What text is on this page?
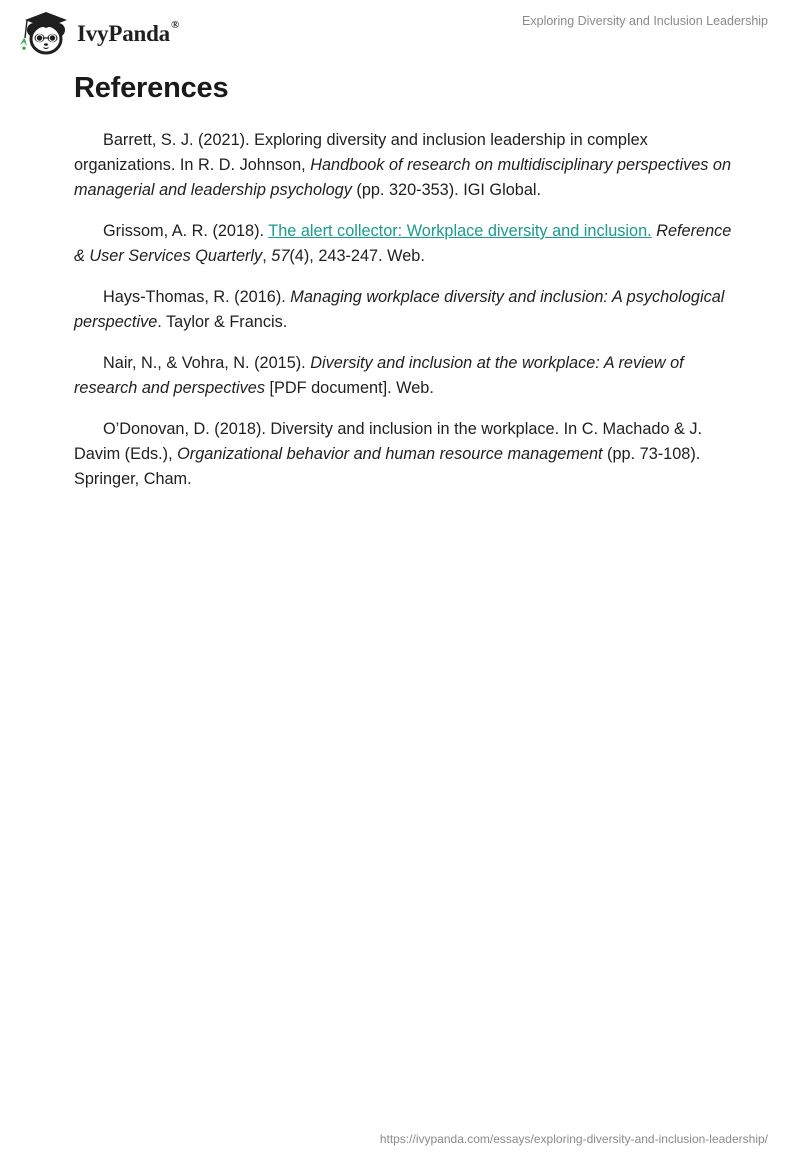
IvyPanda®	Exploring Diversity and Inclusion Leadership
References

Barrett, S. J. (2021). Exploring diversity and inclusion leadership in complex organizations. In R. D. Johnson, Handbook of research on multidisciplinary perspectives on managerial and leadership psychology (pp. 320-353). IGI Global.

Grissom, A. R. (2018). The alert collector: Workplace diversity and inclusion. Reference & User Services Quarterly, 57(4), 243-247. Web.

Hays-Thomas, R. (2016). Managing workplace diversity and inclusion: A psychological perspective. Taylor & Francis.

Nair, N., & Vohra, N. (2015). Diversity and inclusion at the workplace: A review of research and perspectives [PDF document]. Web.

O’Donovan, D. (2018). Diversity and inclusion in the workplace. In C. Machado & J. Davim (Eds.), Organizational behavior and human resource management (pp. 73-108). Springer, Cham.

https://ivypanda.com/essays/exploring-diversity-and-inclusion-leadership/
